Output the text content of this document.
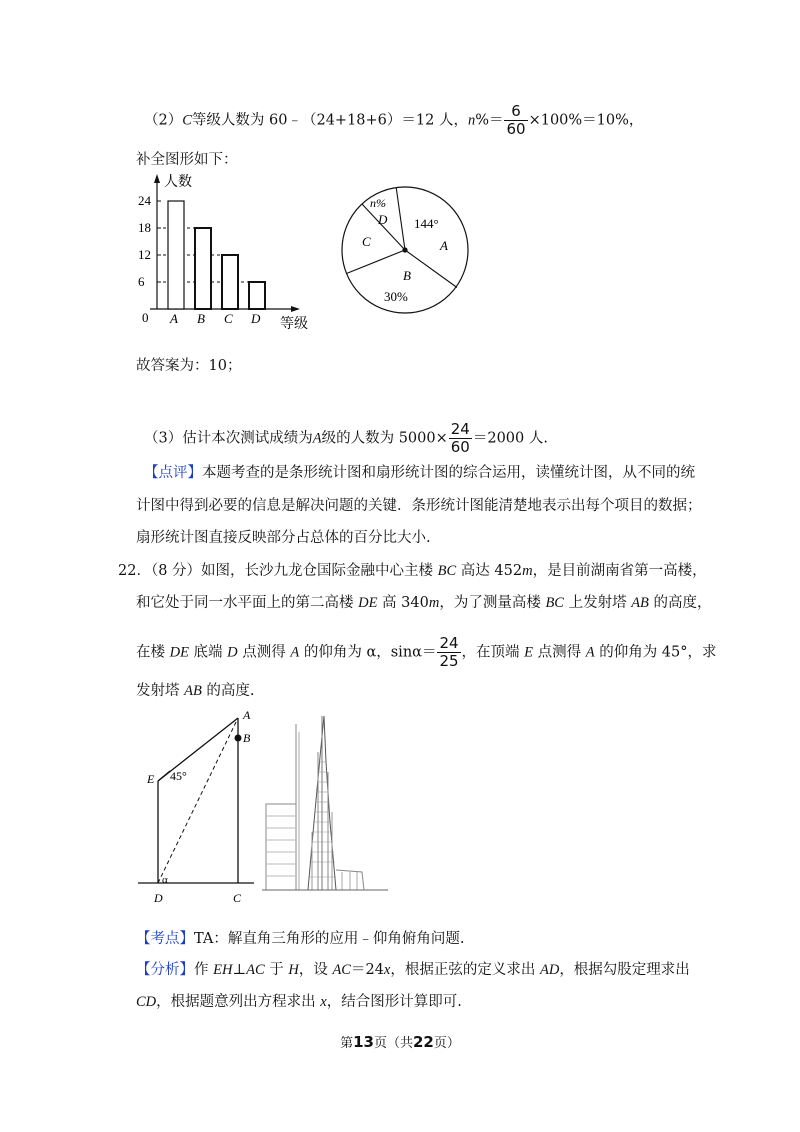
（2）C等级人数为 60﹣（24+18+6）＝12 人，$n\%= \frac{6}{60} \times 100\%=10\%$，
补全图形如下：
人数
等级
0
6
12
18
24
A B C D
n%
D
C
144°
A
B
30%
故答案为：10；
（3）估计本次测试成绩为A级的人数为 $5000\times \frac{24}{60} =2000$ 人.
【点评】本题考查的是条形统计图和扇形统计图的综合运用，读懂统计图，从不同的统
计图中得到必要的信息是解决问题的关键．条形统计图能清楚地表示出每个项目的数据；
扇形统计图直接反映部分占总体的百分比大小.
22．（8 分）如图，长沙九龙仓国际金融中心主楼 BC 高达 452m，是目前湖南省第一高楼，
和它处于同一水平面上的第二高楼 DE 高 340m，为了测量高楼 BC 上发射塔 AB 的高度，
在楼 DE 底端 D 点测得 A 的仰角为 α，$\sin\alpha= \frac{24}{25}$ ，在顶端 E 点测得 A 的仰角为 45°，求
发射塔 AB 的高度.
A
B
E 45°
α
D	C
【考点】TA：解直角三角形的应用﹣仰角俯角问题.
【分析】作 EH⊥AC 于 H，设 AC＝24x，根据正弦的定义求出 AD，根据勾股定理求出
CD，根据题意列出方程求出 x，结合图形计算即可.
第13页（共22页）
